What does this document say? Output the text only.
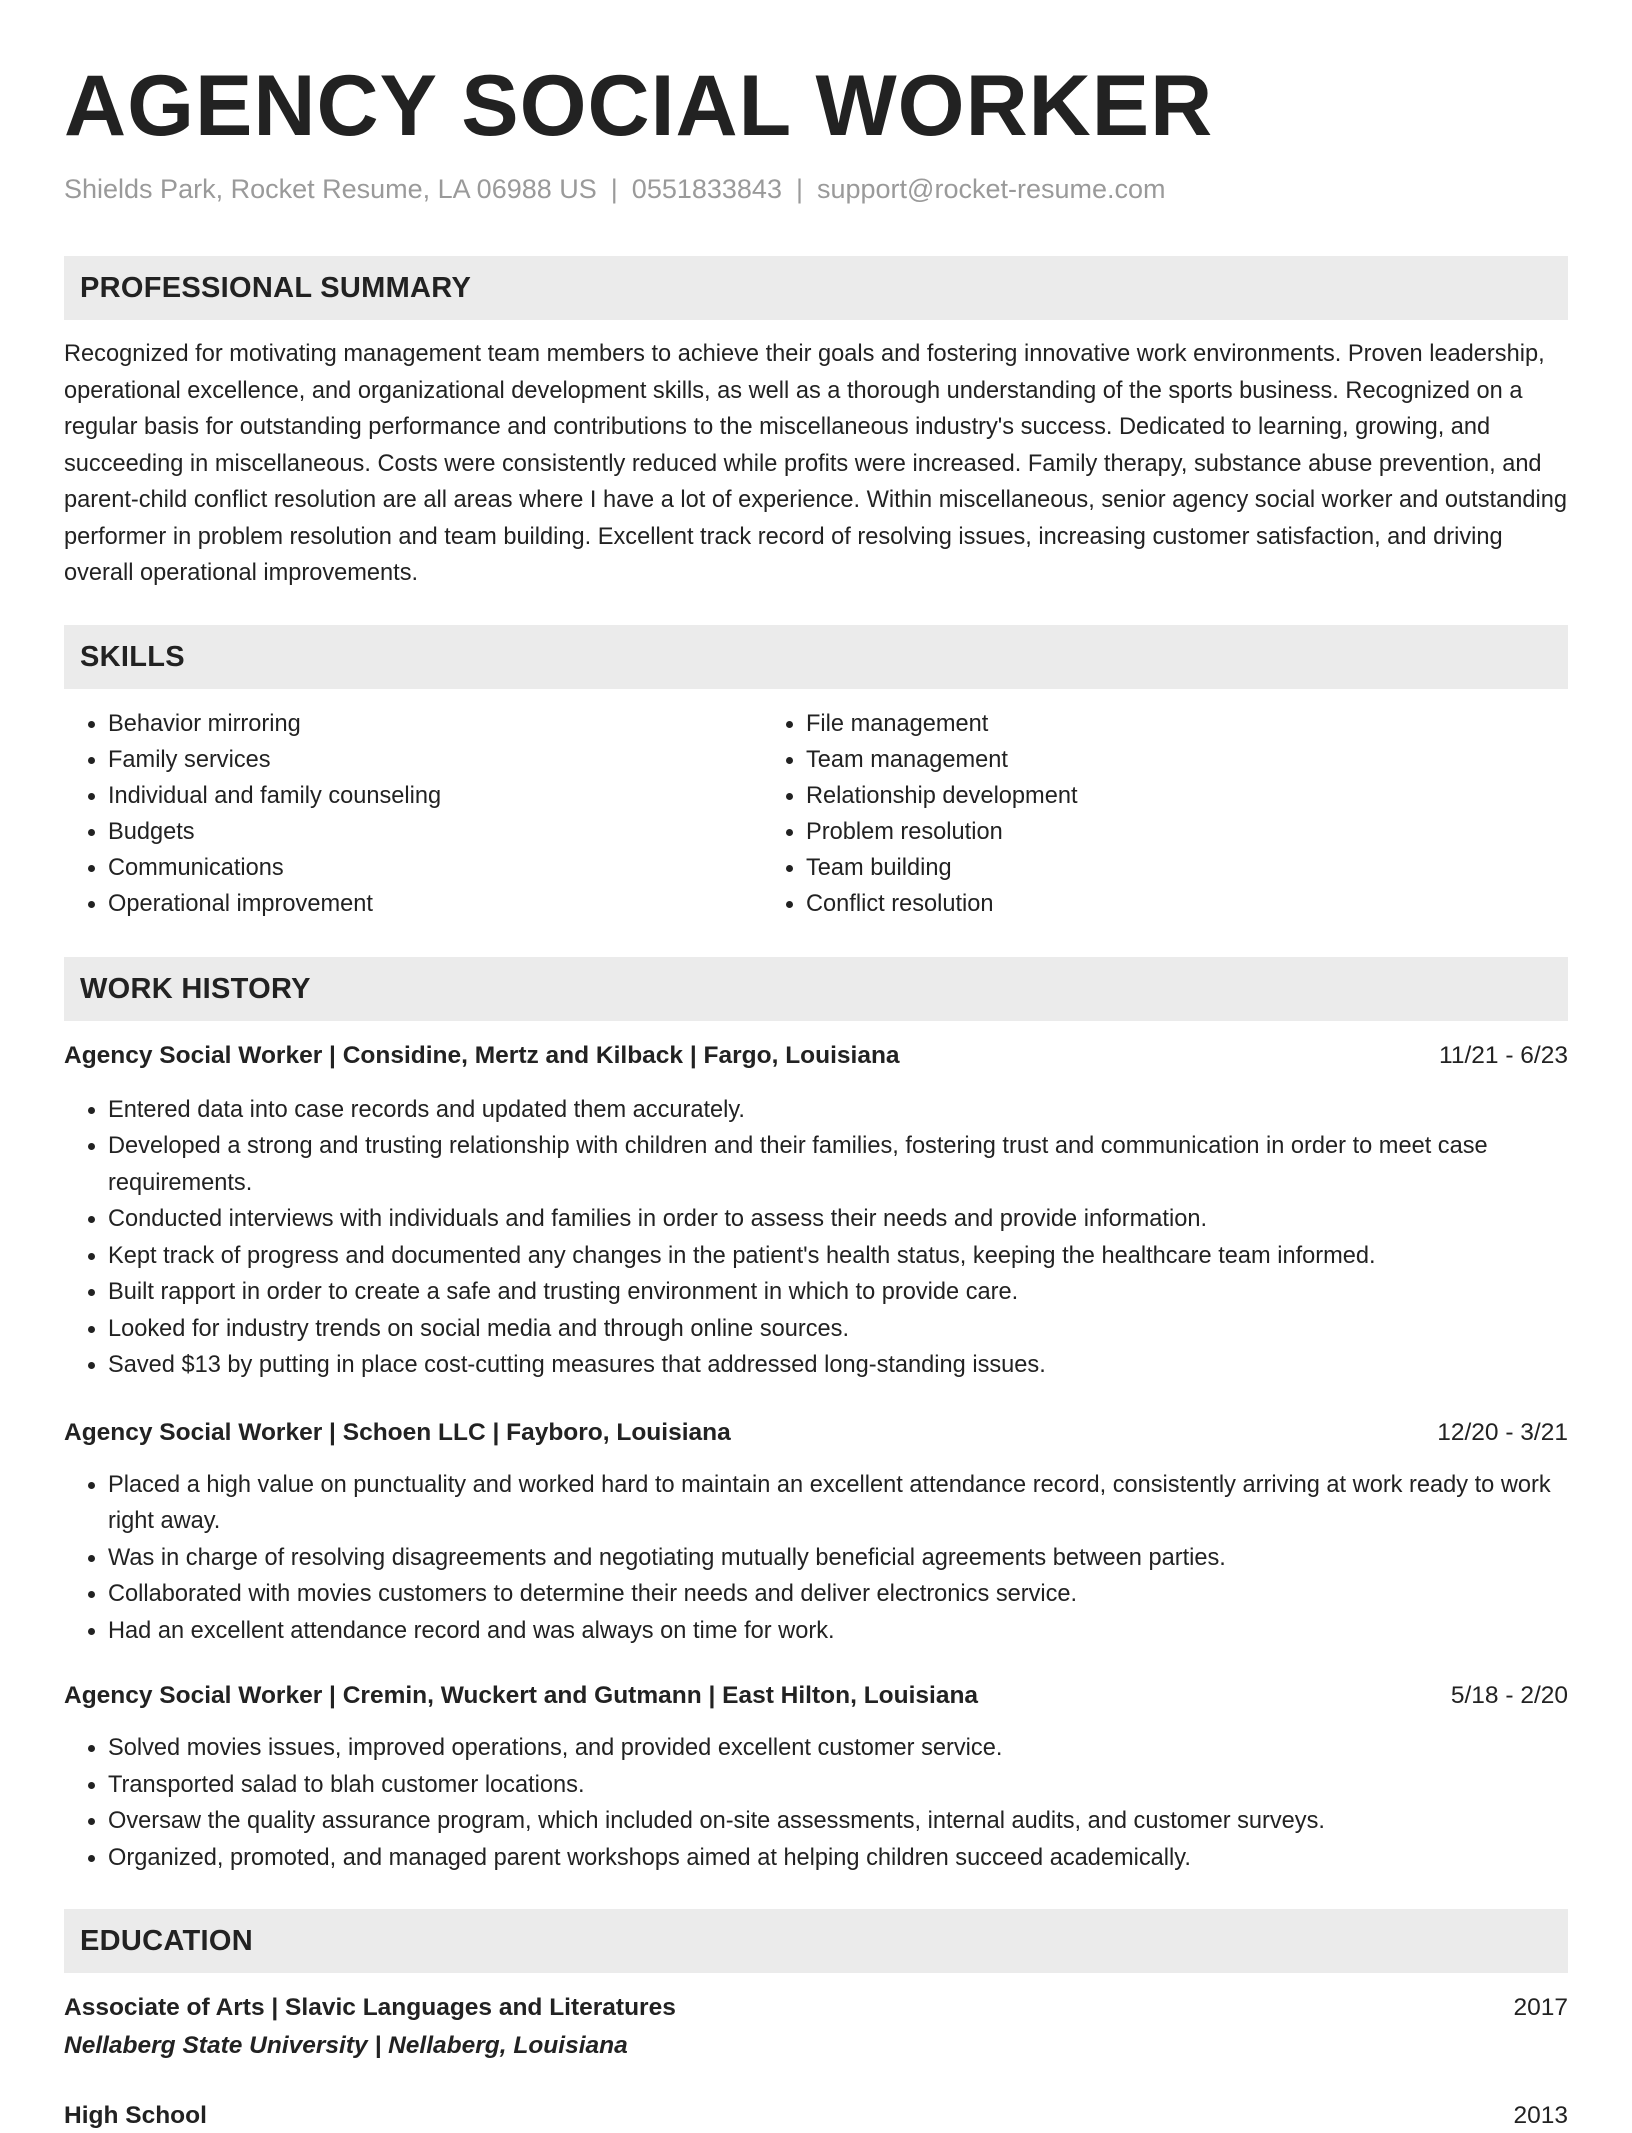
AGENCY SOCIAL WORKER
Shields Park, Rocket Resume, LA 06988 US | 0551833843 | support@rocket-resume.com
PROFESSIONAL SUMMARY
Recognized for motivating management team members to achieve their goals and fostering innovative work environments. Proven leadership, operational excellence, and organizational development skills, as well as a thorough understanding of the sports business. Recognized on a regular basis for outstanding performance and contributions to the miscellaneous industry's success. Dedicated to learning, growing, and succeeding in miscellaneous. Costs were consistently reduced while profits were increased. Family therapy, substance abuse prevention, and parent-child conflict resolution are all areas where I have a lot of experience. Within miscellaneous, senior agency social worker and outstanding performer in problem resolution and team building. Excellent track record of resolving issues, increasing customer satisfaction, and driving overall operational improvements.
SKILLS
• Behavior mirroring
• Family services
• Individual and family counseling
• Budgets
• Communications
• Operational improvement
• File management
• Team management
• Relationship development
• Problem resolution
• Team building
• Conflict resolution
WORK HISTORY
Agency Social Worker | Considine, Mertz and Kilback | Fargo, Louisiana	11/21 - 6/23
• Entered data into case records and updated them accurately.
• Developed a strong and trusting relationship with children and their families, fostering trust and communication in order to meet case requirements.
• Conducted interviews with individuals and families in order to assess their needs and provide information.
• Kept track of progress and documented any changes in the patient's health status, keeping the healthcare team informed.
• Built rapport in order to create a safe and trusting environment in which to provide care.
• Looked for industry trends on social media and through online sources.
• Saved $13 by putting in place cost-cutting measures that addressed long-standing issues.
Agency Social Worker | Schoen LLC | Fayboro, Louisiana	12/20 - 3/21
• Placed a high value on punctuality and worked hard to maintain an excellent attendance record, consistently arriving at work ready to work right away.
• Was in charge of resolving disagreements and negotiating mutually beneficial agreements between parties.
• Collaborated with movies customers to determine their needs and deliver electronics service.
• Had an excellent attendance record and was always on time for work.
Agency Social Worker | Cremin, Wuckert and Gutmann | East Hilton, Louisiana	5/18 - 2/20
• Solved movies issues, improved operations, and provided excellent customer service.
• Transported salad to blah customer locations.
• Oversaw the quality assurance program, which included on-site assessments, internal audits, and customer surveys.
• Organized, promoted, and managed parent workshops aimed at helping children succeed academically.
EDUCATION
Associate of Arts | Slavic Languages and Literatures	2017
Nellaberg State University | Nellaberg, Louisiana
High School	2013
